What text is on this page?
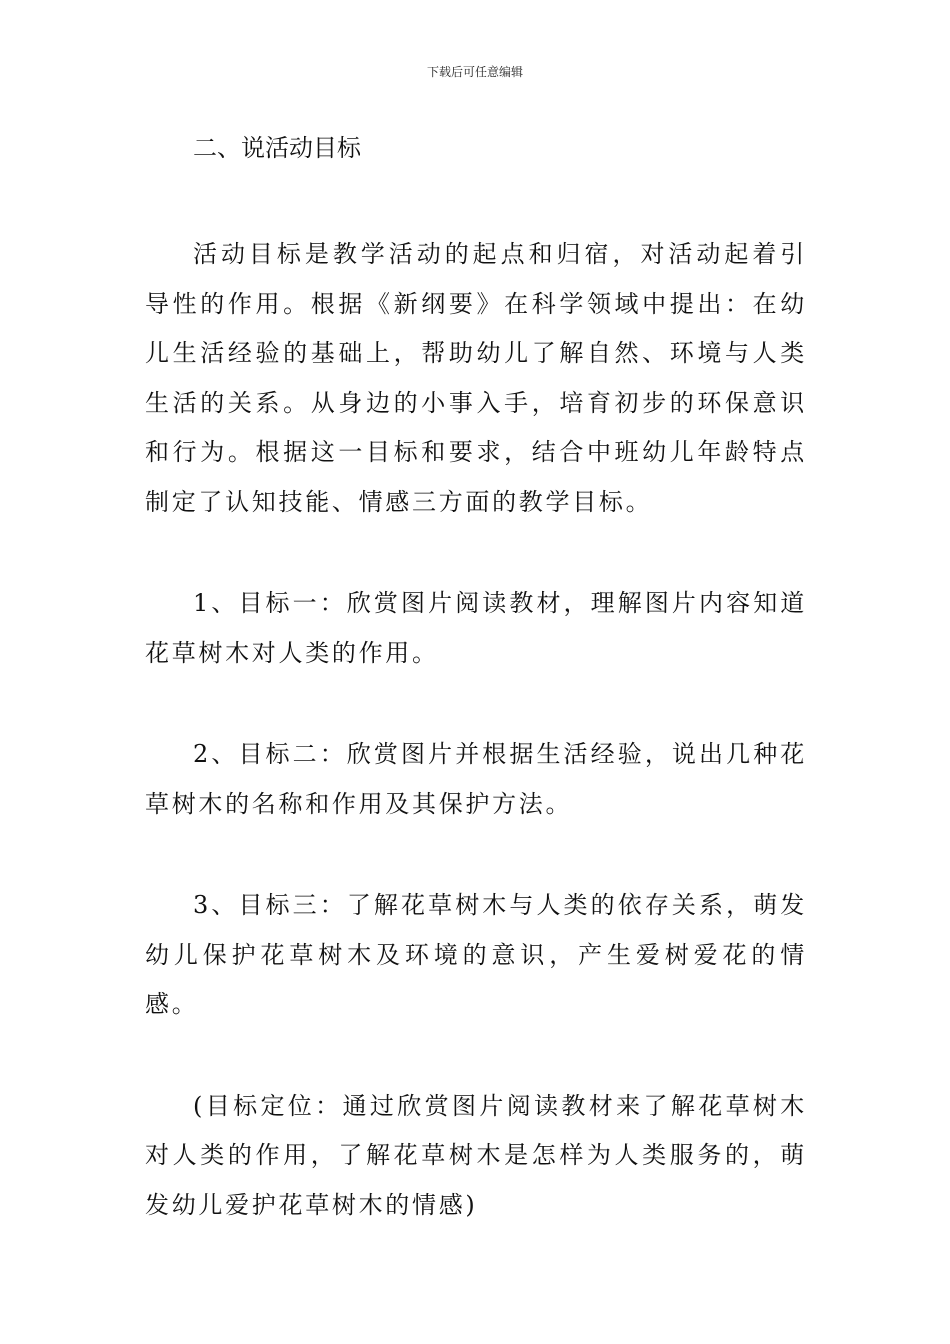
下载后可任意编辑
二、说活动目标

活动目标是教学活动的起点和归宿，对活动起着引导性的作用。根据《新纲要》在科学领域中提出：在幼儿生活经验的基础上，帮助幼儿了解自然、环境与人类生活的关系。从身边的小事入手，培育初步的环保意识和行为。根据这一目标和要求，结合中班幼儿年龄特点制定了认知技能、情感三方面的教学目标。

1、目标一：欣赏图片阅读教材，理解图片内容知道花草树木对人类的作用。

2、目标二：欣赏图片并根据生活经验，说出几种花草树木的名称和作用及其保护方法。

3、目标三：了解花草树木与人类的依存关系，萌发幼儿保护花草树木及环境的意识，产生爱树爱花的情感。

(目标定位：通过欣赏图片阅读教材来了解花草树木对人类的作用，了解花草树木是怎样为人类服务的，萌发幼儿爱护花草树木的情感)
